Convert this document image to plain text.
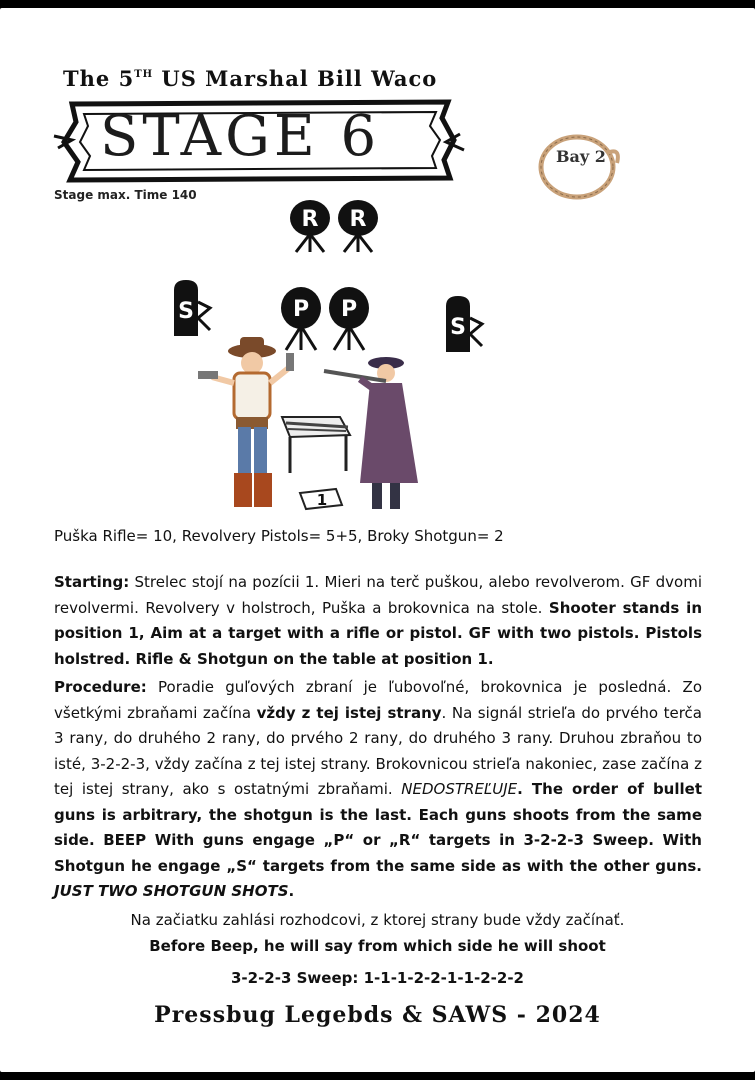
The 5TH US Marshal Bill Waco
STAGE 6	Bay 2
Stage max. Time 140
R R
S
S
P P
1
Puška Rifle= 10, Revolvery Pistols= 5+5, Broky Shotgun= 2
Starting: Strelec stojí na pozícii 1. Mieri na terč puškou, alebo revolverom. GF dvomi revolvermi. Revolvery v holstroch, Puška a brokovnica na stole. Shooter stands in position 1, Aim at a target with a rifle or pistol. GF with two pistols. Pistols holstred. Rifle & Shotgun on the table at position 1.
Procedure: Poradie guľových zbraní je ľubovoľné, brokovnica je posledná. Zo všetkými zbraňami začína vždy z tej istej strany. Na signál strieľa do prvého terča 3 rany, do druhého 2 rany, do prvého 2 rany, do druhého 3 rany. Druhou zbraňou to isté, 3-2-2-3, vždy začína z tej istej strany. Brokovnicou strieľa nakoniec, zase začína z tej istej strany, ako s ostatnými zbraňami. NEDOSTREĽUJE. The order of bullet guns is arbitrary, the shotgun is the last. Each guns shoots from the same side. BEEP With guns engage „P“ or „R“ targets in 3-2-2-3 Sweep. With Shotgun he engage „S“ targets from the same side as with the other guns. JUST TWO SHOTGUN SHOTS.
Na začiatku zahlási rozhodcovi, z ktorej strany bude vždy začínať.
Before Beep, he will say from which side he will shoot
3-2-2-3 Sweep: 1-1-1-2-2-1-1-2-2-2
Pressbug Legebds & SAWS - 2024
